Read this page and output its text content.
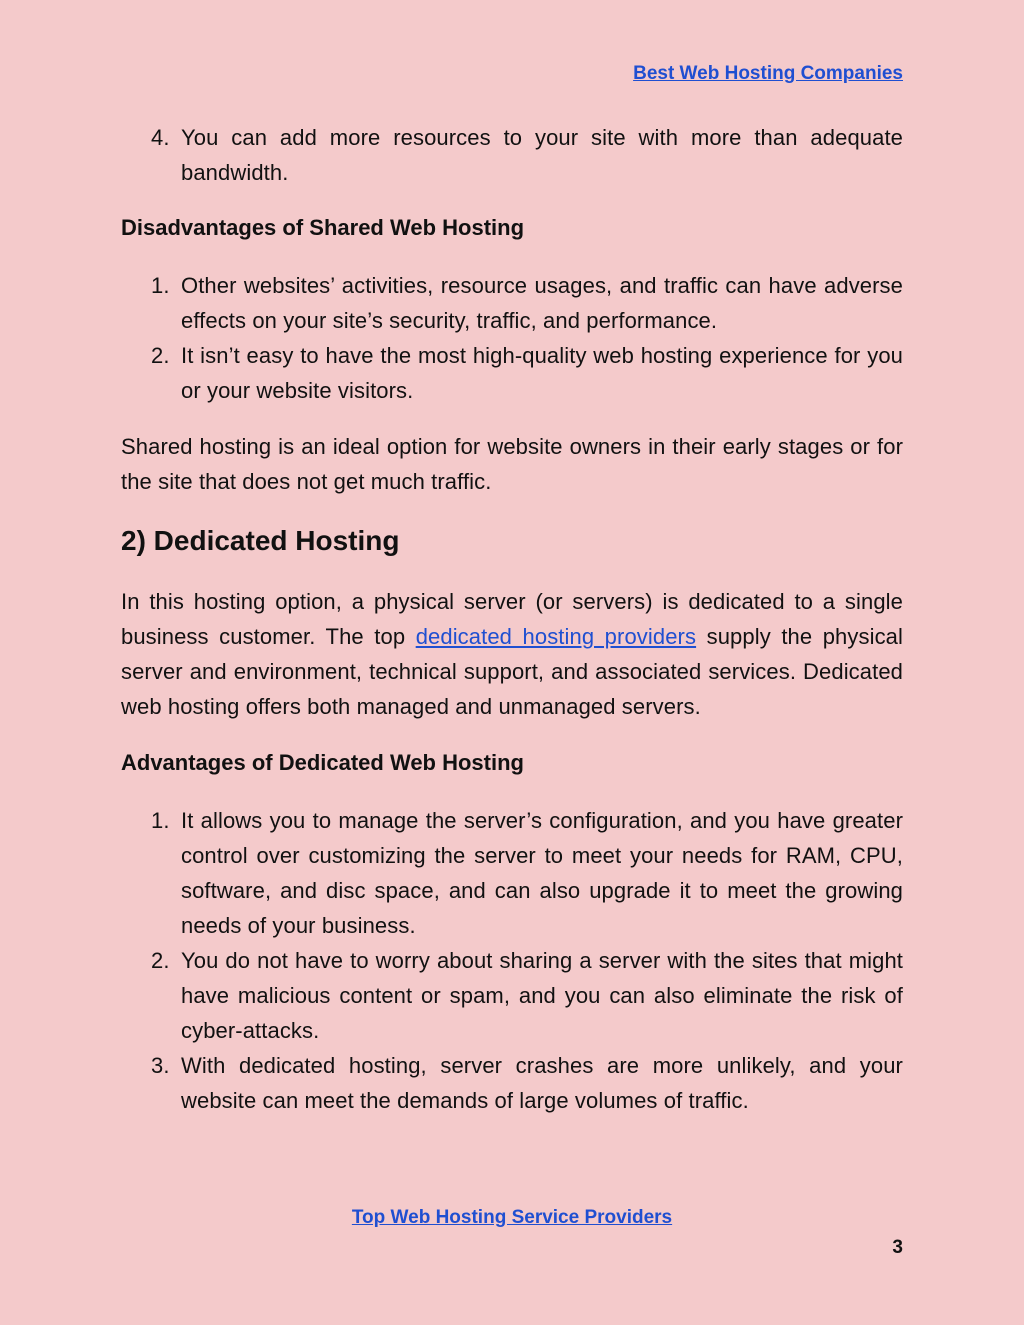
Best Web Hosting Companies
4. You can add more resources to your site with more than adequate bandwidth.
Disadvantages of Shared Web Hosting
1. Other websites’ activities, resource usages, and traffic can have adverse effects on your site’s security, traffic, and performance.
2. It isn’t easy to have the most high-quality web hosting experience for you or your website visitors.

Shared hosting is an ideal option for website owners in their early stages or for the site that does not get much traffic.

2) Dedicated Hosting

In this hosting option, a physical server (or servers) is dedicated to a single business customer. The top dedicated hosting providers supply the physical server and environment, technical support, and associated services. Dedicated web hosting offers both managed and unmanaged servers.

Advantages of Dedicated Web Hosting
1. It allows you to manage the server’s configuration, and you have greater control over customizing the server to meet your needs for RAM, CPU, software, and disc space, and can also upgrade it to meet the growing needs of your business.
2. You do not have to worry about sharing a server with the sites that might have malicious content or spam, and you can also eliminate the risk of cyber-attacks.
3. With dedicated hosting, server crashes are more unlikely, and your website can meet the demands of large volumes of traffic.
Top Web Hosting Service Providers
3
